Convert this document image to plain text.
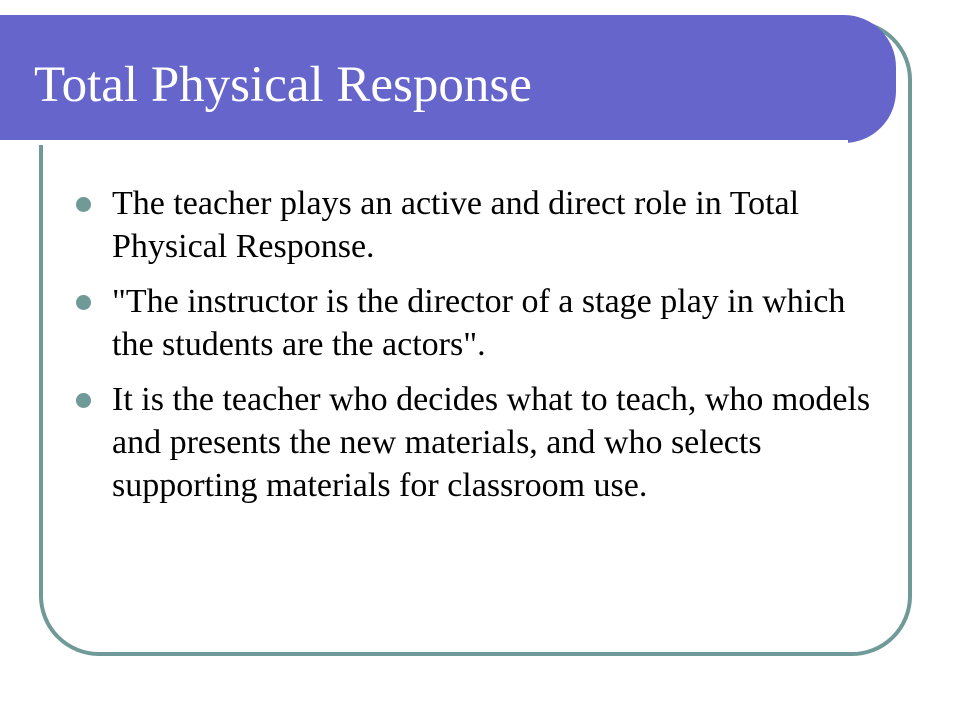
Total Physical Response
The teacher plays an active and direct role in Total Physical Response.
"The instructor is the director of a stage play in which the students are the actors".
It is the teacher who decides what to teach, who models and presents the new materials, and who selects supporting materials for classroom use.
